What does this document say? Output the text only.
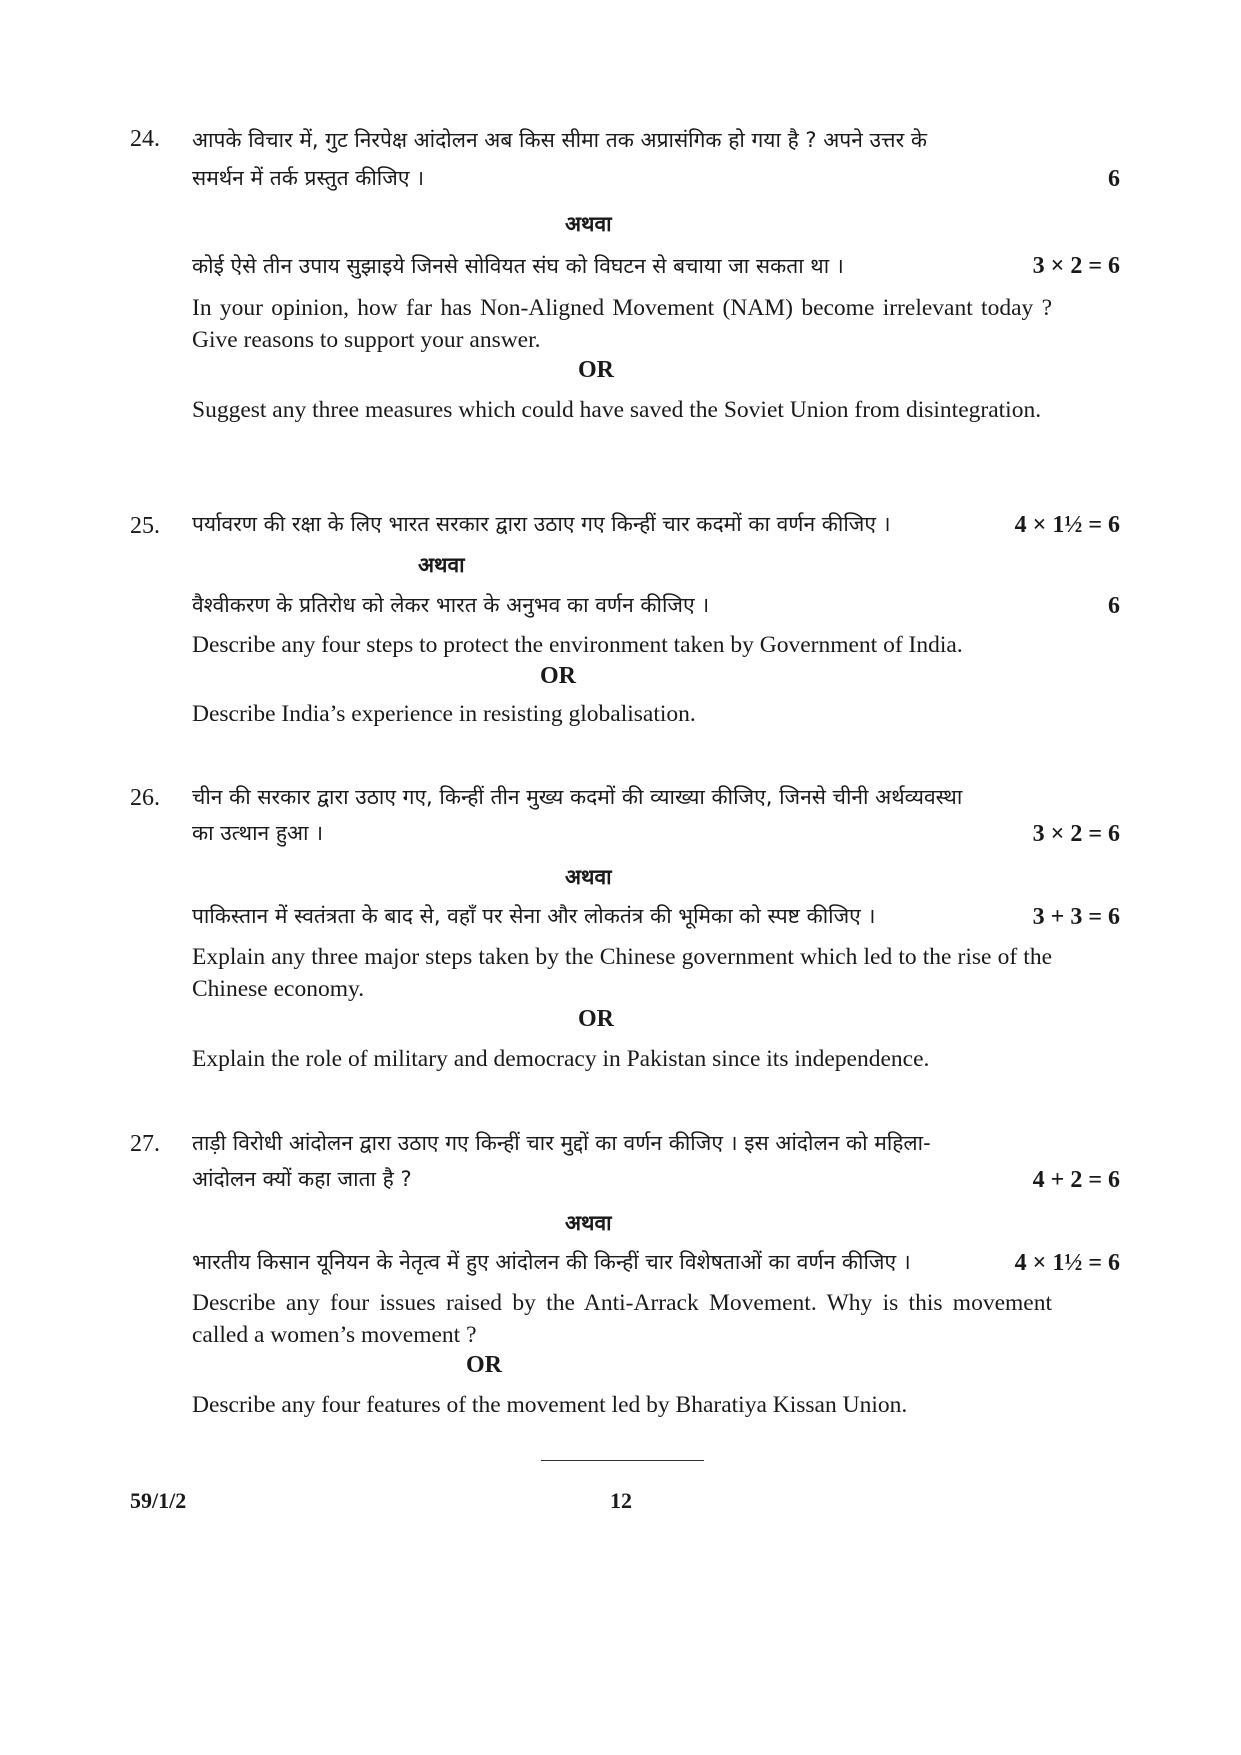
24. आपके विचार में, गुट निरपेक्ष आंदोलन अब किस सीमा तक अप्रासंगिक हो गया है ? अपने उत्तर के
समर्थन में तर्क प्रस्तुत कीजिए ।	6
अथवा
कोई ऐसे तीन उपाय सुझाइये जिनसे सोवियत संघ को विघटन से बचाया जा सकता था ।	3 × 2 = 6
In your opinion, how far has Non-Aligned Movement (NAM) become irrelevant today ? Give reasons to support your answer.
OR
Suggest any three measures which could have saved the Soviet Union from disintegration.
25. पर्यावरण की रक्षा के लिए भारत सरकार द्वारा उठाए गए किन्हीं चार कदमों का वर्णन कीजिए ।	4 × 1½ = 6
अथवा
वैश्वीकरण के प्रतिरोध को लेकर भारत के अनुभव का वर्णन कीजिए ।	6
Describe any four steps to protect the environment taken by Government of India.
OR
Describe India’s experience in resisting globalisation.
26. चीन की सरकार द्वारा उठाए गए, किन्हीं तीन मुख्य कदमों की व्याख्या कीजिए, जिनसे चीनी अर्थव्यवस्था
का उत्थान हुआ ।	3 × 2 = 6
अथवा
पाकिस्तान में स्वतंत्रता के बाद से, वहाँ पर सेना और लोकतंत्र की भूमिका को स्पष्ट कीजिए ।	3 + 3 = 6
Explain any three major steps taken by the Chinese government which led to the rise of the Chinese economy.
OR
Explain the role of military and democracy in Pakistan since its independence.
27. ताड़ी विरोधी आंदोलन द्वारा उठाए गए किन्हीं चार मुद्दों का वर्णन कीजिए । इस आंदोलन को महिला-
आंदोलन क्यों कहा जाता है ?	4 + 2 = 6
अथवा
भारतीय किसान यूनियन के नेतृत्व में हुए आंदोलन की किन्हीं चार विशेषताओं का वर्णन कीजिए ।	4 × 1½ = 6
Describe any four issues raised by the Anti-Arrack Movement. Why is this movement called a women’s movement ?
OR
Describe any four features of the movement led by Bharatiya Kissan Union.
59/1/2	12
